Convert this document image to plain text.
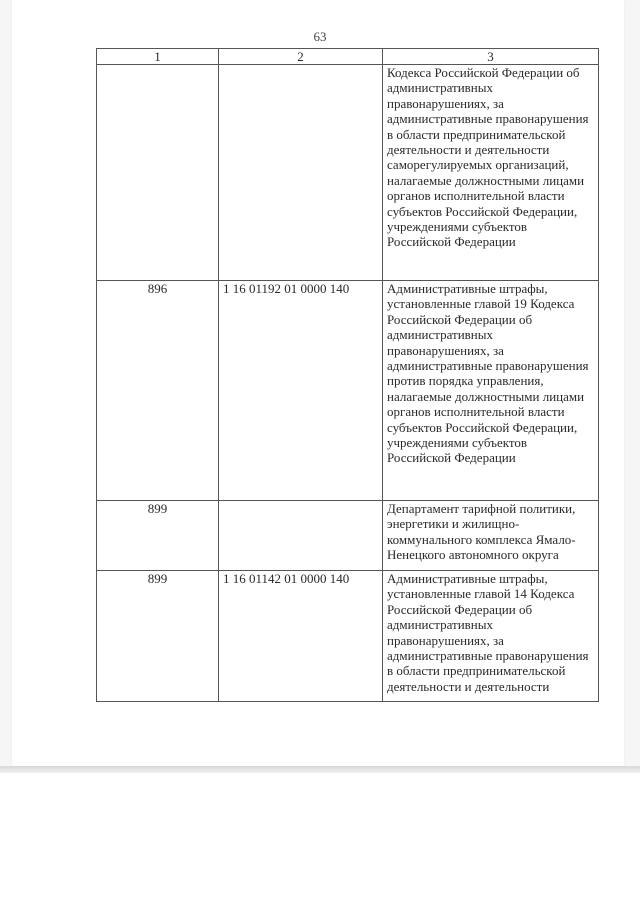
63
1	2	3
		Кодекса Российской Федерации об административных правонарушениях, за административные правонарушения в области предпринимательской деятельности и деятельности саморегулируемых организаций, налагаемые должностными лицами органов исполнительной власти субъектов Российской Федерации, учреждениями субъектов Российской Федерации
896	1 16 01192 01 0000 140	Административные штрафы, установленные главой 19 Кодекса Российской Федерации об административных правонарушениях, за административные правонарушения против порядка управления, налагаемые должностными лицами органов исполнительной власти субъектов Российской Федерации, учреждениями субъектов Российской Федерации
899		Департамент тарифной политики, энергетики и жилищно-коммунального комплекса Ямало-Ненецкого автономного округа
899	1 16 01142 01 0000 140	Административные штрафы, установленные главой 14 Кодекса Российской Федерации об административных правонарушениях, за административные правонарушения в области предпринимательской деятельности и деятельности
